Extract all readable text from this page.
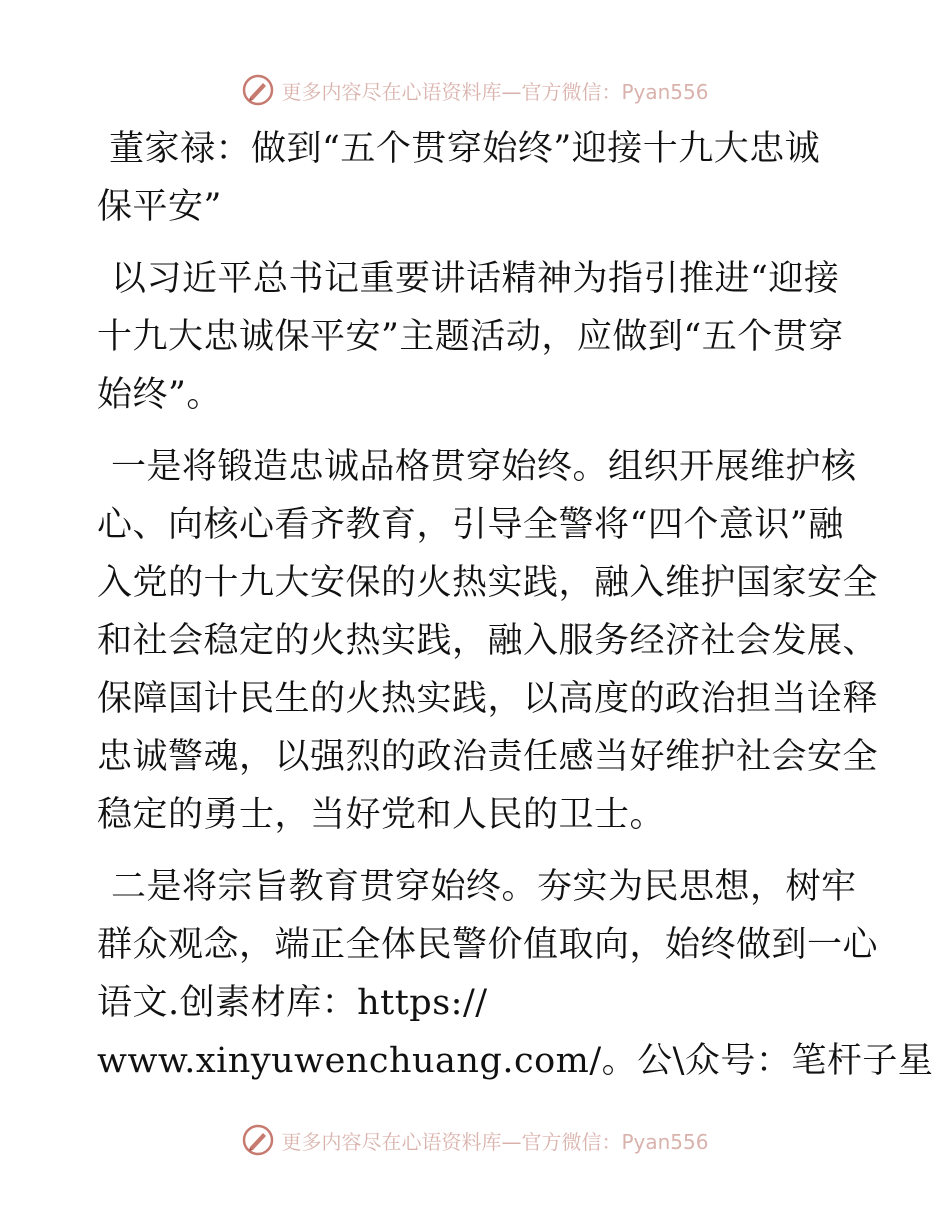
更多内容尽在心语资料库—官方微信：Pyan556
董家禄：做到“五个贯穿始终”迎接十九大忠诚
保平安”
以习近平总书记重要讲话精神为指引推进“迎接
十九大忠诚保平安”主题活动，应做到“五个贯穿
始终”。
一是将锻造忠诚品格贯穿始终。组织开展维护核
心、向核心看齐教育，引导全警将“四个意识”融
入党的十九大安保的火热实践，融入维护国家安全
和社会稳定的火热实践，融入服务经济社会发展、
保障国计民生的火热实践，以高度的政治担当诠释
忠诚警魂，以强烈的政治责任感当好维护社会安全
稳定的勇士，当好党和人民的卫士。
二是将宗旨教育贯穿始终。夯实为民思想，树牢
群众观念，端正全体民警价值取向，始终做到一心
语文.创素材库：https://
www.xinyuwenchuang.com/。公\众号：笔杆子星
更多内容尽在心语资料库—官方微信：Pyan556
